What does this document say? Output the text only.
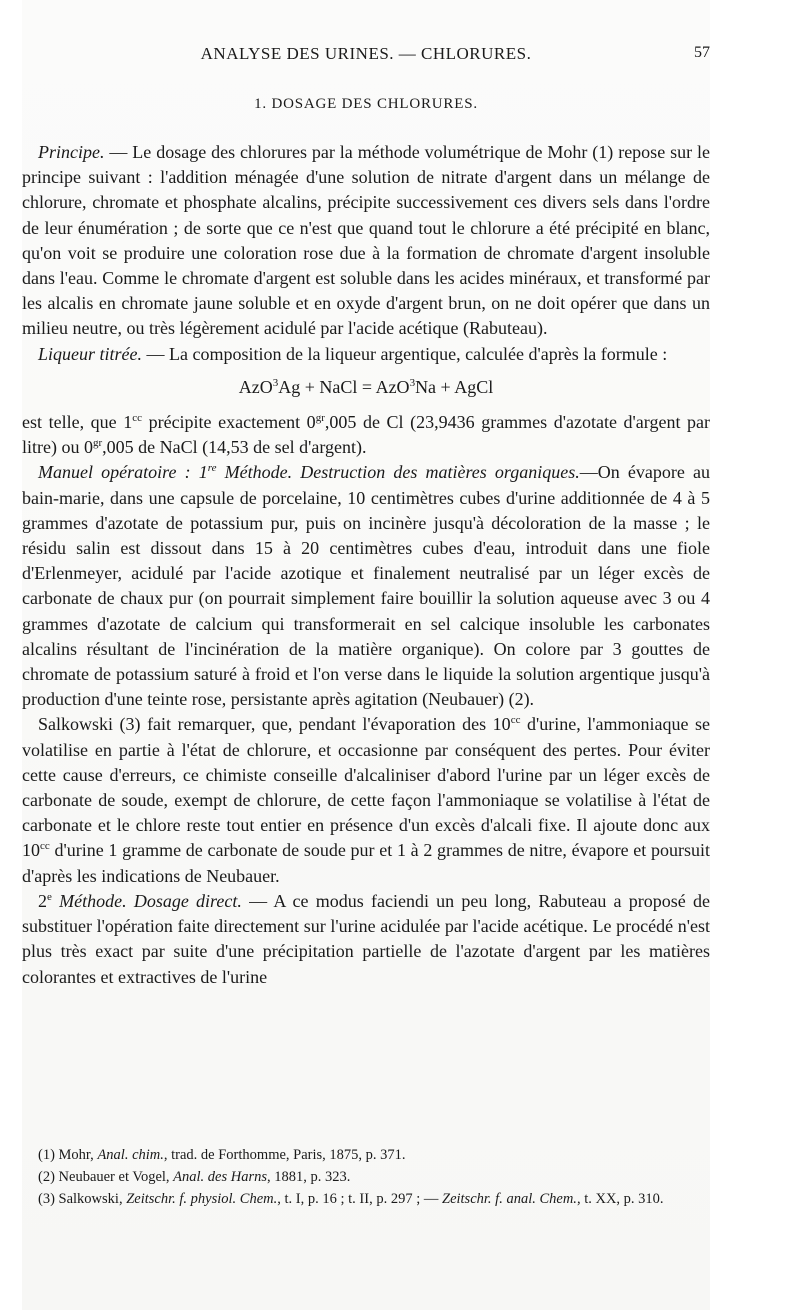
ANALYSE DES URINES. — CHLORURES.	57
1. DOSAGE DES CHLORURES.

Principe. — Le dosage des chlorures par la méthode volumétrique de Mohr (1) repose sur le principe suivant : l'addition ménagée d'une solution de nitrate d'argent dans un mélange de chlorure, chromate et phosphate alcalins, précipite successivement ces divers sels dans l'ordre de leur énumération ; de sorte que ce n'est que quand tout le chlorure a été précipité en blanc, qu'on voit se produire une coloration rose due à la formation de chromate d'argent insoluble dans l'eau. Comme le chromate d'argent est soluble dans les acides minéraux, et transformé par les alcalis en chromate jaune soluble et en oxyde d'argent brun, on ne doit opérer que dans un milieu neutre, ou très légèrement acidulé par l'acide acétique (Rabuteau).

Liqueur titrée. — La composition de la liqueur argentique, calculée d'après la formule :

AzO$^3$Ag + NaCl = AzO$^3$Na + AgCl

est telle, que $1^{cc}$ précipite exactement $0^{gr},005$ de Cl (23,9436 grammes d'azotate d'argent par litre) ou $0^{gr},005$ de NaCl (14,53 de sel d'argent).

Manuel opératoire : 1re Méthode. Destruction des matières organiques.—On évapore au bain-marie, dans une capsule de porcelaine, 10 centimètres cubes d'urine additionnée de 4 à 5 grammes d'azotate de potassium pur, puis on incinère jusqu'à décoloration de la masse ; le résidu salin est dissout dans 15 à 20 centimètres cubes d'eau, introduit dans une fiole d'Erlenmeyer, acidulé par l'acide azotique et finalement neutralisé par un léger excès de carbonate de chaux pur (on pourrait simplement faire bouillir la solution aqueuse avec 3 ou 4 grammes d'azotate de calcium qui transformerait en sel calcique insoluble les carbonates alcalins résultant de l'incinération de la matière organique). On colore par 3 gouttes de chromate de potassium saturé à froid et l'on verse dans le liquide la solution argentique jusqu'à production d'une teinte rose, persistante après agitation (Neubauer) (2).

Salkowski (3) fait remarquer, que, pendant l'évaporation des $10^{cc}$ d'urine, l'ammoniaque se volatilise en partie à l'état de chlorure, et occasionne par conséquent des pertes. Pour éviter cette cause d'erreurs, ce chimiste conseille d'alcaliniser d'abord l'urine par un léger excès de carbonate de soude, exempt de chlorure, de cette façon l'ammoniaque se volatilise à l'état de carbonate et le chlore reste tout entier en présence d'un excès d'alcali fixe. Il ajoute donc aux $10^{cc}$ d'urine 1 gramme de carbonate de soude pur et 1 à 2 grammes de nitre, évapore et poursuit d'après les indications de Neubauer.

2e Méthode. Dosage direct. — A ce modus faciendi un peu long, Rabuteau a proposé de substituer l'opération faite directement sur l'urine acidulée par l'acide acétique. Le procédé n'est plus très exact par suite d'une précipitation partielle de l'azotate d'argent par les matières colorantes et extractives de l'urine

(1) Mohr, Anal. chim., trad. de Forthomme, Paris, 1875, p. 371.

(2) Neubauer et Vogel, Anal. des Harns, 1881, p. 323.

(3) Salkowski, Zeitschr. f. physiol. Chem., t. I, p. 16 ; t. II, p. 297 ; — Zeitschr. f. anal. Chem., t. XX, p. 310.
